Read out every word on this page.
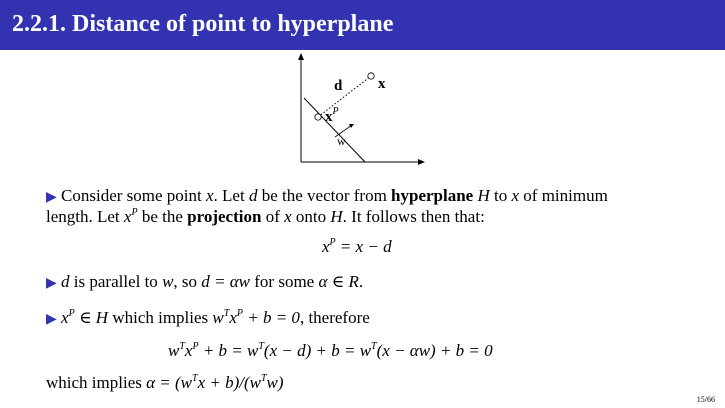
2.2.1. Distance of point to hyperplane
d x
$x^P$
w
▶ Consider some point x. Let d be the vector from hyperplane H to x of minimum
length. Let $x^P$ be the projection of x onto H. It follows then that:
$x^P = x - d$
▶ d is parallel to w, so d = αw for some α ∈ R.
▶ $x^P$ ∈ H which implies $w^Tx^P + b = 0$, therefore
$w^Tx^P + b = w^T(x - d) + b = w^T(x - \alpha w) + b = 0$
which implies $\alpha = (w^Tx + b)/(w^Tw)$
15/66
